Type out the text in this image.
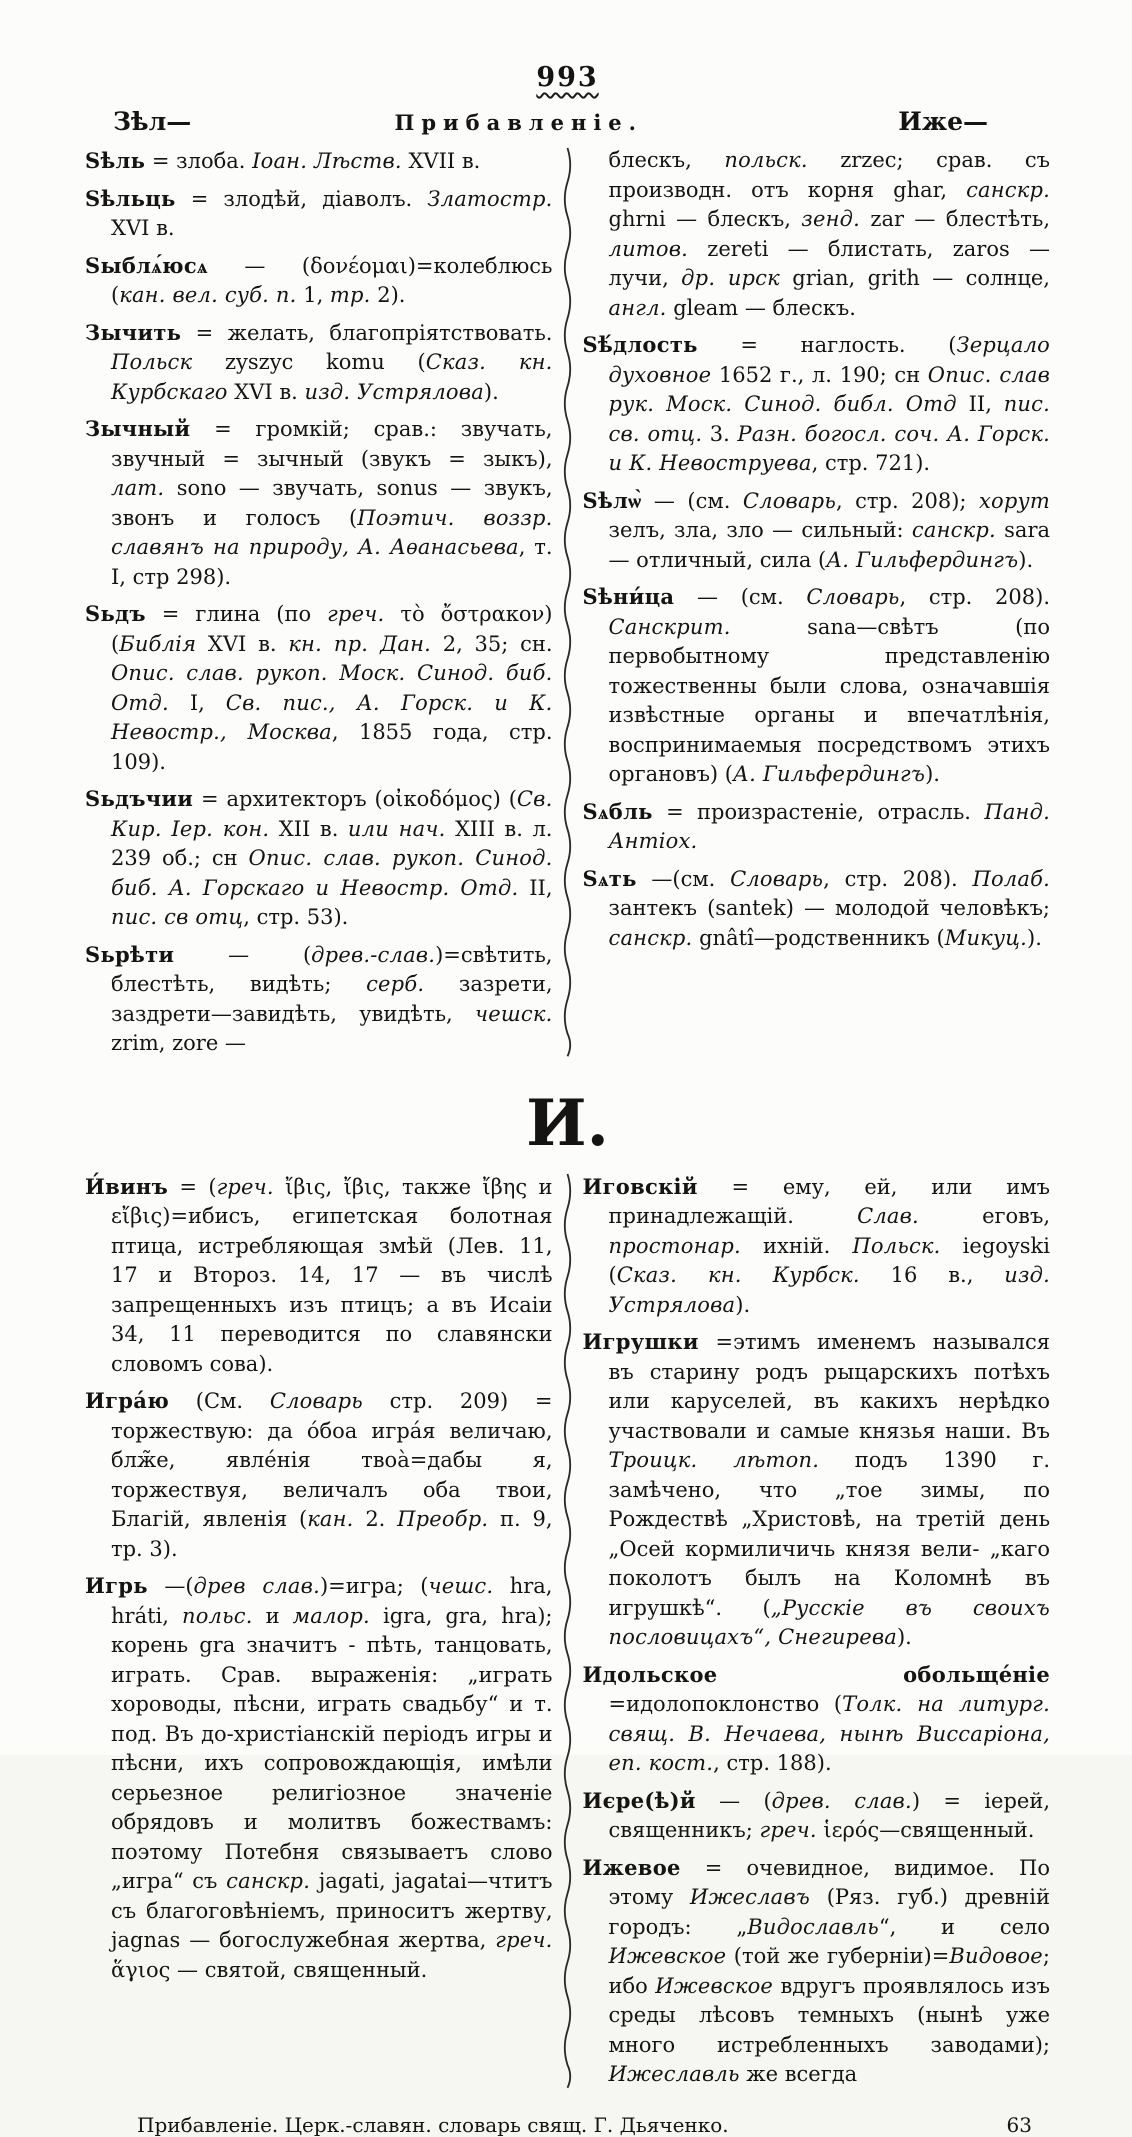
993
Зѣл—	Прибавленіе.	Иже—

Ѕѣль = злоба. Іоан. Лѣств. XVII в.

Ѕѣльць = злодѣй, діаволъ. Златостр. XVI в.

Ѕыблѧ́юсѧ — (δονέομαι)=колеблюсь (кан. вел. суб. п. 1, тр. 2).

Зычить = желать, благопріятствовать. Польск zyszyc komu (Сказ. кн. Курбскаго XVI в. изд. Устрялова).

Зычный = громкій; срав.: звучать, звучный = зычный (звукъ = зыкъ), лат. sono — звучать, sonus — звукъ, звонъ и голосъ (Поэтич. воззр. славянъ на природу, А. Аѳанасьева, т. I, стр 298).

Ѕьдъ = глина (по греч. τὸ ὄστρακον) (Библія XVI в. кн. пр. Дан. 2, 35; сн. Опис. слав. рукоп. Моск. Синод. биб. Отд. I, Св. пис., А. Горск. и К. Невостр., Москва, 1855 года, стр. 109).

Ѕьдъчии = архитекторъ (οἰκοδόμος) (Св. Кир. Іер. кон. XII в. или нач. XIII в. л. 239 об.; сн Опис. слав. рукоп. Синод. биб. А. Горскаго и Невостр. Отд. II, пис. св отц, стр. 53).

Ѕьрѣти	— (древ.-слав.)=свѣтить, блестѣть, видѣть; серб. зазрети, заздрети—завидѣть, увидѣть, чешск. zrim, zore —

блескъ, польск. zrzec; срав. съ производн. отъ корня ghar, санскр. ghrni — блескъ, зенд. zar — блестѣть, литов. zereti — блистать, zaros — лучи, др. ирск grian, grith — солнце, англ. gleam — блескъ.

Ѕѣ́длость = наглость. (Зерцало духовное 1652 г., л. 190; сн Опис. слав рук. Моск. Синод. библ. Отд II, пис. св. отц. 3. Разн. богосл. соч. А. Горск. и К. Невоструева, стр. 721).

Ѕѣлѡ̀ — (см. Словарь, стр. 208); хорут зелъ, зла, зло — сильный: санскр. sara — отличный, сила (А. Гильфердингъ).

Ѕѣни́ца — (см. Словарь, стр. 208). Санскрит. sana—свѣтъ (по первобытному представленію тожественны были слова, означавшія извѣстные органы и впечатлѣнія, воспринимаемыя посредствомъ этихъ органовъ) (А. Гильфердингъ).

Ѕѧбль = произрастеніе, отрасль. Панд. Антіох.

Ѕѧть —(см. Словарь, стр. 208). Полаб. зантекъ (santek) — молодой человѣкъ; санскр. gnâtî—родственникъ (Микуц.).

И.

И́винъ = (греч. ἴβις, ἴβις, также ἴβης и εἴβις)=ибисъ, египетская болотная птица, истребляющая змѣй (Лев. 11, 17 и Второз. 14, 17 — въ числѣ запрещенныхъ изъ птицъ; а въ Исаіи 34, 11 переводится по славянски словомъ сова).

Игра́ю (См. Словарь стр. 209) = торжествую: да о́боа игра́я величаю, блж̃е, явле́нія твоа̀=дабы я, торжествуя, величалъ оба твои, Благій, явленія (кан. 2. Преобр. п. 9, тр. 3).

Игрь —(древ слав.)=игра; (чешс. hra, hráti, польс. и малор. igra, gra, hra); корень gra значитъ - пѣть, танцовать, играть. Срав. выраженія: „играть хороводы, пѣсни, играть свадьбу“ и т. под. Въ до-христіанскій періодъ игры и пѣсни, ихъ сопровождающія, имѣли серьезное религіозное значеніе обрядовъ и молитвъ божествамъ: поэтому Потебня связываетъ слово „игра“ съ санскр. jagati, jagatai—чтитъ съ благоговѣніемъ, приноситъ жертву, jagnas — богослужебная жертва, греч. ἅγιος — святой, священный.

Иговскій = ему, ей, или имъ принадлежащій. Слав. еговъ, простонар. ихній. Польск. iegoyski (Сказ. кн. Курбск. 16 в., изд. Устрялова).

Игрушки =этимъ именемъ назывался въ старину родъ рыцарскихъ потѣхъ или каруселей, въ какихъ нерѣдко участвовали и самые князья наши. Въ Троицк. лѣтоп. подъ 1390 г. замѣчено, что „тое зимы, по Рождествѣ „Христовѣ, на третій день „Осей кормиличичь князя вели- „каго поколотъ былъ на Коломнѣ въ игрушкѣ“. („Русскіе въ своихъ пословицахъ“, Снегирева).

Идольское обольще́ніе =идолопоклонство (Толк. на литург. свящ. В. Нечаева, нынѣ Виссаріона, еп. кост., стр. 188).

Иєре(ѣ)й — (древ. слав.) = іерей, священникъ; греч. ἱερός—священный.

Ижевое = очевидное, видимое. По этому Ижеславъ (Ряз. губ.) древній городъ: „Видославль“, и село Ижевское (той же губерніи)=Видовое; ибо Ижевское вдругъ проявлялось изъ среды лѣсовъ темныхъ (нынѣ уже много истребленныхъ заводами); Ижеславль же всегда

Прибавленіе. Церк.-славян. словарь свящ. Г. Дьяченко.	63
